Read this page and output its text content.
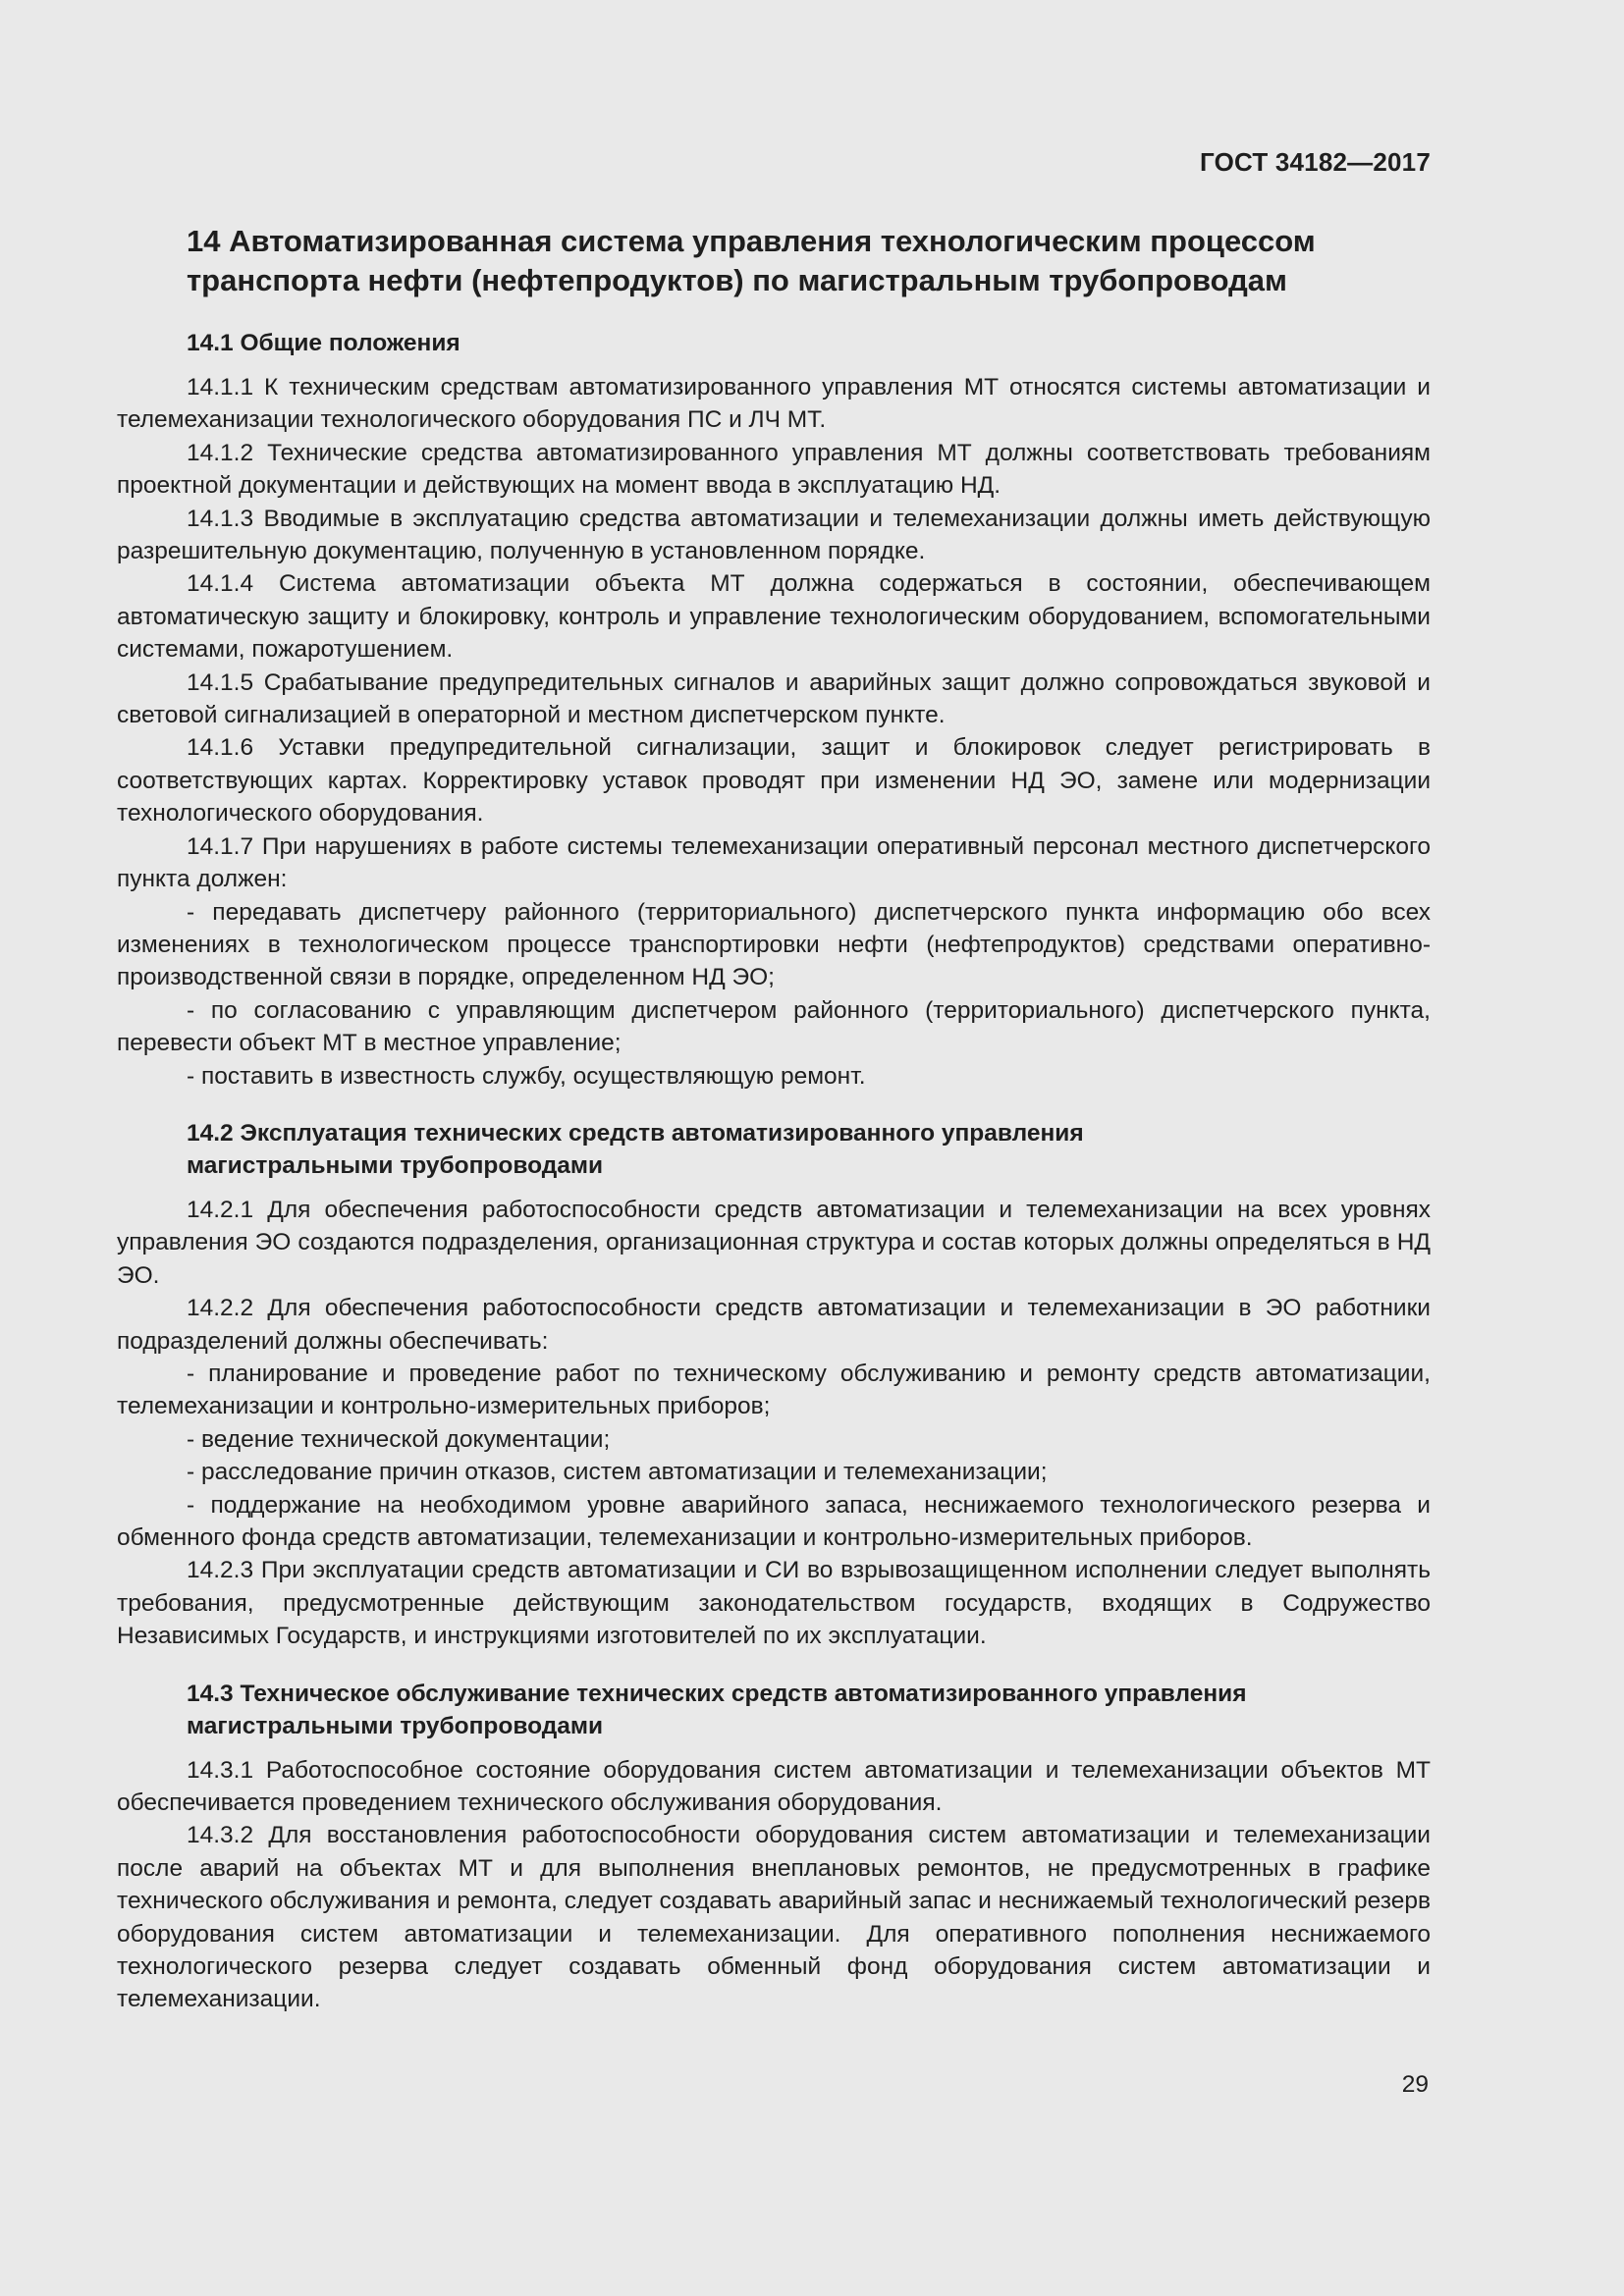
ГОСТ 34182—2017
14 Автоматизированная система управления технологическим процессом
транспорта нефти (нефтепродуктов) по магистральным трубопроводам
14.1 Общие положения

14.1.1 К техническим средствам автоматизированного управления МТ относятся системы автоматизации и телемеханизации технологического оборудования ПС и ЛЧ МТ.

14.1.2 Технические средства автоматизированного управления МТ должны соответствовать требованиям проектной документации и действующих на момент ввода в эксплуатацию НД.

14.1.3 Вводимые в эксплуатацию средства автоматизации и телемеханизации должны иметь действующую разрешительную документацию, полученную в установленном порядке.

14.1.4 Система автоматизации объекта МТ должна содержаться в состоянии, обеспечивающем автоматическую защиту и блокировку, контроль и управление технологическим оборудованием, вспомогательными системами, пожаротушением.

14.1.5 Срабатывание предупредительных сигналов и аварийных защит должно сопровождаться звуковой и световой сигнализацией в операторной и местном диспетчерском пункте.

14.1.6 Уставки предупредительной сигнализации, защит и блокировок следует регистрировать в соответствующих картах. Корректировку уставок проводят при изменении НД ЭО, замене или модернизации технологического оборудования.

14.1.7 При нарушениях в работе системы телемеханизации оперативный персонал местного диспетчерского пункта должен:

- передавать диспетчеру районного (территориального) диспетчерского пункта информацию обо всех изменениях в технологическом процессе транспортировки нефти (нефтепродуктов) средствами оперативно-производственной связи в порядке, определенном НД ЭО;

- по согласованию с управляющим диспетчером районного (территориального) диспетчерского пункта, перевести объект МТ в местное управление;

- поставить в известность службу, осуществляющую ремонт.

14.2 Эксплуатация технических средств автоматизированного управления
магистральными трубопроводами

14.2.1 Для обеспечения работоспособности средств автоматизации и телемеханизации на всех уровнях управления ЭО создаются подразделения, организационная структура и состав которых должны определяться в НД ЭО.

14.2.2 Для обеспечения работоспособности средств автоматизации и телемеханизации в ЭО работники подразделений должны обеспечивать:

- планирование и проведение работ по техническому обслуживанию и ремонту средств автоматизации, телемеханизации и контрольно-измерительных приборов;

- ведение технической документации;

- расследование причин отказов, систем автоматизации и телемеханизации;

- поддержание на необходимом уровне аварийного запаса, неснижаемого технологического резерва и обменного фонда средств автоматизации, телемеханизации и контрольно-измерительных приборов.

14.2.3 При эксплуатации средств автоматизации и СИ во взрывозащищенном исполнении следует выполнять требования, предусмотренные действующим законодательством государств, входящих в Содружество Независимых Государств, и инструкциями изготовителей по их эксплуатации.

14.3 Техническое обслуживание технических средств автоматизированного управления
магистральными трубопроводами

14.3.1 Работоспособное состояние оборудования систем автоматизации и телемеханизации объектов МТ обеспечивается проведением технического обслуживания оборудования.

14.3.2 Для восстановления работоспособности оборудования систем автоматизации и телемеханизации после аварий на объектах МТ и для выполнения внеплановых ремонтов, не предусмотренных в графике технического обслуживания и ремонта, следует создавать аварийный запас и неснижаемый технологический резерв оборудования систем автоматизации и телемеханизации. Для оперативного пополнения неснижаемого технологического резерва следует создавать обменный фонд оборудования систем автоматизации и телемеханизации.

29
